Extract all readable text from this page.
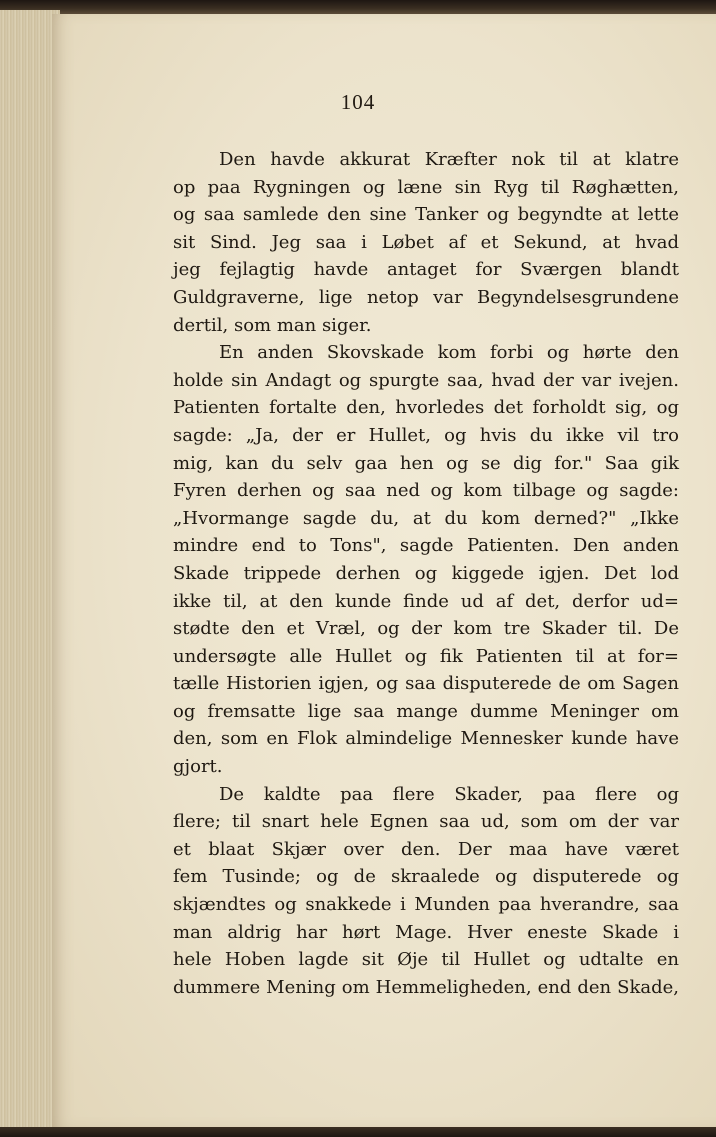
104
Den havde akkurat Kræfter nok til at klatre
op paa Rygningen og læne sin Ryg til Røghætten,
og saa samlede den sine Tanker og begyndte at lette
sit Sind. Jeg saa i Løbet af et Sekund, at hvad
jeg fejlagtig havde antaget for Sværgen blandt
Guldgraverne, lige netop var Begyndelsesgrundene
dertil, som man siger.
En anden Skovskade kom forbi og hørte den
holde sin Andagt og spurgte saa, hvad der var ivejen.
Patienten fortalte den, hvorledes det forholdt sig, og
sagde: „Ja, der er Hullet, og hvis du ikke vil tro
mig, kan du selv gaa hen og se dig for." Saa gik
Fyren derhen og saa ned og kom tilbage og sagde:
„Hvormange sagde du, at du kom derned?" „Ikke
mindre end to Tons", sagde Patienten. Den anden
Skade trippede derhen og kiggede igjen. Det lod
ikke til, at den kunde finde ud af det, derfor ud=
stødte den et Vræl, og der kom tre Skader til. De
undersøgte alle Hullet og fik Patienten til at for=
tælle Historien igjen, og saa disputerede de om Sagen
og fremsatte lige saa mange dumme Meninger om
den, som en Flok almindelige Mennesker kunde have
gjort.
De kaldte paa flere Skader, paa flere og
flere; til snart hele Egnen saa ud, som om der var
et blaat Skjær over den. Der maa have været
fem Tusinde; og de skraalede og disputerede og
skjændtes og snakkede i Munden paa hverandre, saa
man aldrig har hørt Mage. Hver eneste Skade i
hele Hoben lagde sit Øje til Hullet og udtalte en
dummere Mening om Hemmeligheden, end den Skade,
